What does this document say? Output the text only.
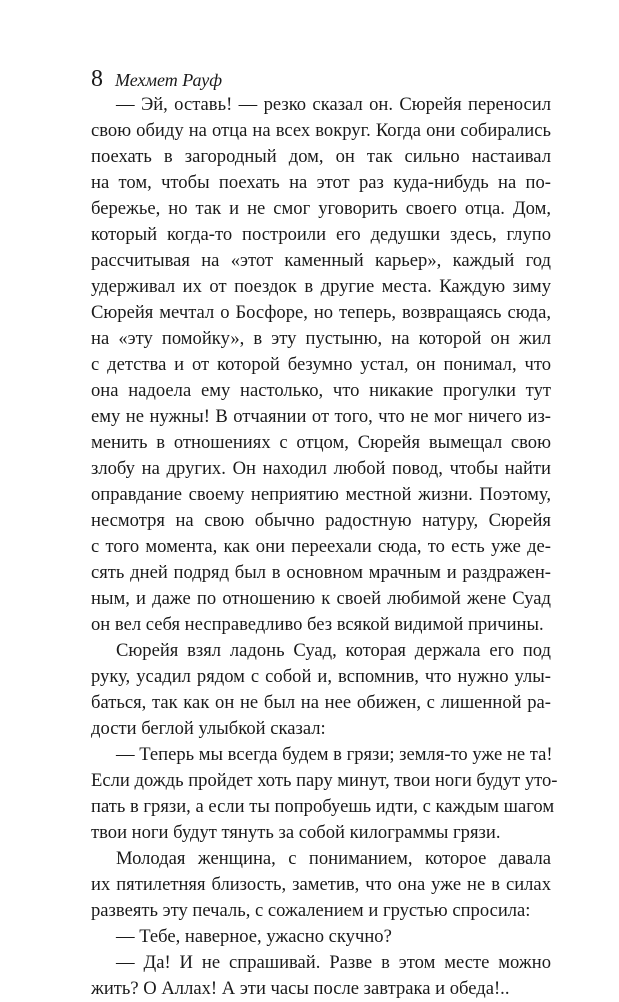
8 Мехмет Рауф
— Эй, оставь! — резко сказал он. Сюрейя переносил
свою обиду на отца на всех вокруг. Когда они собирались
поехать в загородный дом, он так сильно настаивал
на том, чтобы поехать на этот раз куда-нибудь на по-
бережье, но так и не смог уговорить своего отца. Дом,
который когда-то построили его дедушки здесь, глупо
рассчитывая на «этот каменный карьер», каждый год
удерживал их от поездок в другие места. Каждую зиму
Сюрейя мечтал о Босфоре, но теперь, возвращаясь сюда,
на «эту помойку», в эту пустыню, на которой он жил
с детства и от которой безумно устал, он понимал, что
она надоела ему настолько, что никакие прогулки тут
ему не нужны! В отчаянии от того, что не мог ничего из-
менить в отношениях с отцом, Сюрейя вымещал свою
злобу на других. Он находил любой повод, чтобы найти
оправдание своему неприятию местной жизни. Поэтому,
несмотря на свою обычно радостную натуру, Сюрейя
с того момента, как они переехали сюда, то есть уже де-
сять дней подряд был в основном мрачным и раздражен-
ным, и даже по отношению к своей любимой жене Суад
он вел себя несправедливо без всякой видимой причины.
Сюрейя взял ладонь Суад, которая держала его под
руку, усадил рядом с собой и, вспомнив, что нужно улы-
баться, так как он не был на нее обижен, с лишенной ра-
дости беглой улыбкой сказал:
— Теперь мы всегда будем в грязи; земля-то уже не та!
Если дождь пройдет хоть пару минут, твои ноги будут уто-
пать в грязи, а если ты попробуешь идти, с каждым шагом
твои ноги будут тянуть за собой килограммы грязи.
Молодая женщина, с пониманием, которое давала
их пятилетняя близость, заметив, что она уже не в силах
развеять эту печаль, с сожалением и грустью спросила:
— Тебе, наверное, ужасно скучно?
— Да! И не спрашивай. Разве в этом месте можно
жить? О Аллах! А эти часы после завтрака и обеда!..
